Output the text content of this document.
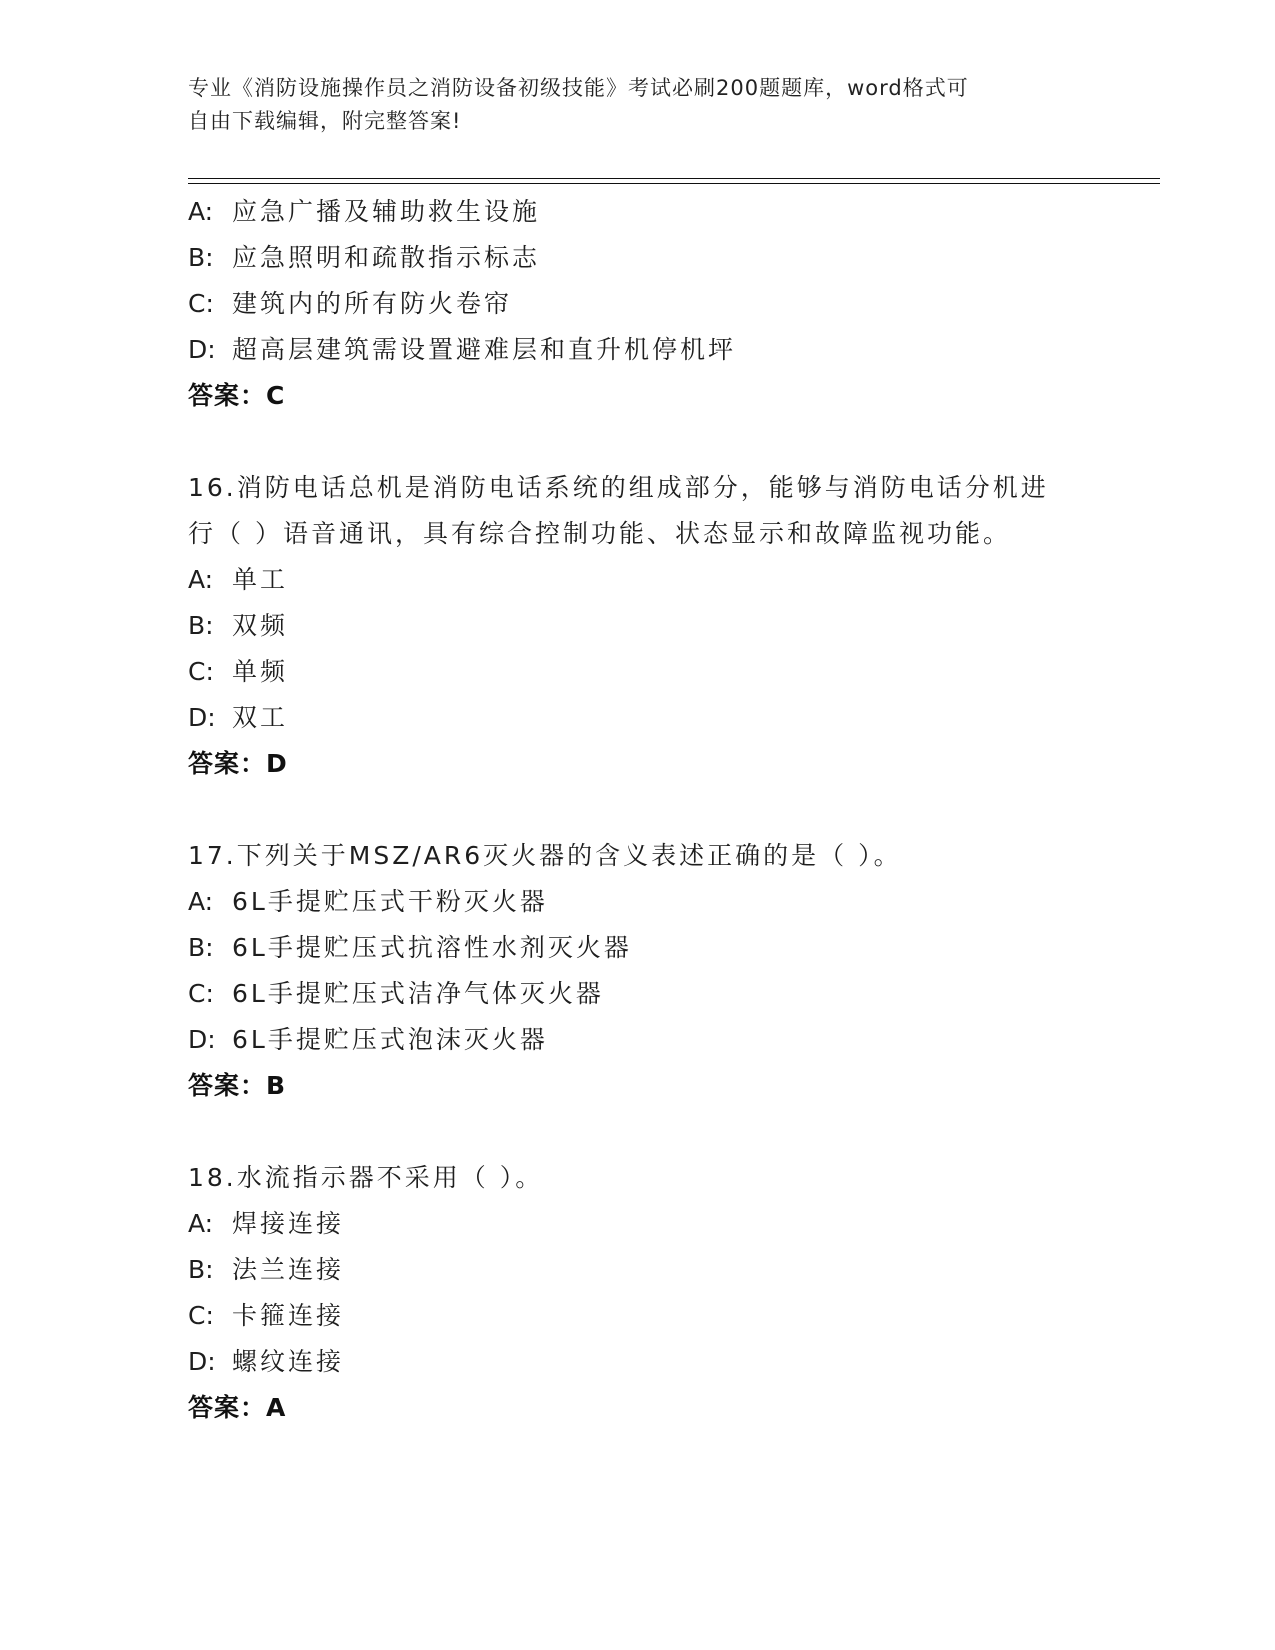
专业《消防设施操作员之消防设备初级技能》考试必刷200题题库，word格式可
自由下载编辑，附完整答案!
A: 应急广播及辅助救生设施
B: 应急照明和疏散指示标志
C: 建筑内的所有防火卷帘
D: 超高层建筑需设置避难层和直升机停机坪
答案：C
16.消防电话总机是消防电话系统的组成部分，能够与消防电话分机进
行（ ）语音通讯，具有综合控制功能、状态显示和故障监视功能。
A: 单工
B: 双频
C: 单频
D: 双工
答案：D
17.下列关于MSZ/AR6灭火器的含义表述正确的是（ ）。
A: 6L手提贮压式干粉灭火器
B: 6L手提贮压式抗溶性水剂灭火器
C: 6L手提贮压式洁净气体灭火器
D: 6L手提贮压式泡沫灭火器
答案：B
18.水流指示器不采用（ ）。
A: 焊接连接
B: 法兰连接
C: 卡箍连接
D: 螺纹连接
答案：A
